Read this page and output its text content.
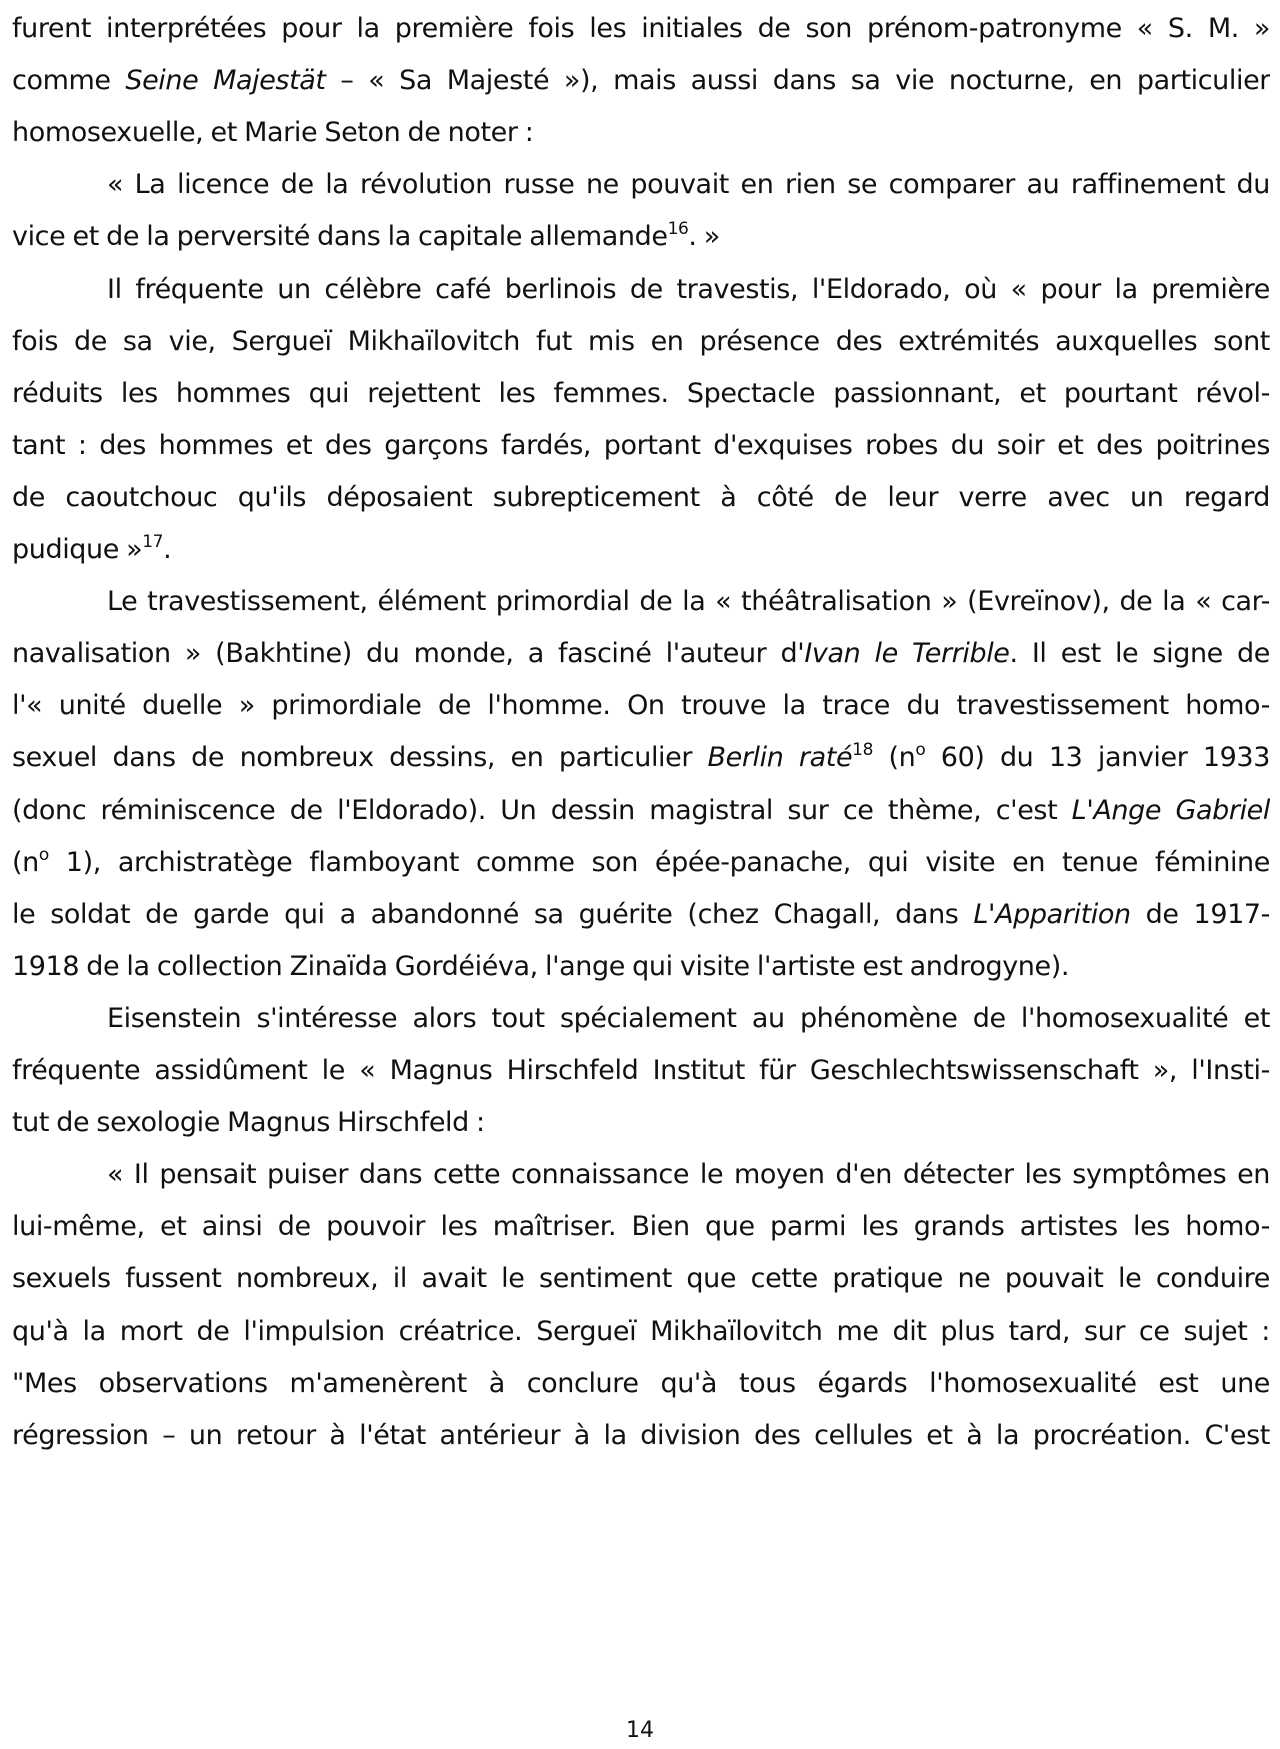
furent interprétées pour la première fois les initiales de son prénom-patronyme « S. M. »
comme Seine Majestät – « Sa Majesté »), mais aussi dans sa vie nocturne, en particulier
homosexuelle, et Marie Seton de noter :
« La licence de la révolution russe ne pouvait en rien se comparer au raffinement du
vice et de la perversité dans la capitale allemande$^{16}$. »
Il fréquente un célèbre café berlinois de travestis, l'Eldorado, où « pour la première
fois de sa vie, Sergueï Mikhaïlovitch fut mis en présence des extrémités auxquelles sont
réduits les hommes qui rejettent les femmes. Spectacle passionnant, et pourtant révol-
tant : des hommes et des garçons fardés, portant d'exquises robes du soir et des poitrines
de caoutchouc qu'ils déposaient subrepticement à côté de leur verre avec un regard
pudique »$^{17}$.
Le travestissement, élément primordial de la « théâtralisation » (Evreïnov), de la « car-
navalisation » (Bakhtine) du monde, a fasciné l'auteur d'Ivan le Terrible. Il est le signe de
l'« unité duelle » primordiale de l'homme. On trouve la trace du travestissement homo-
sexuel dans de nombreux dessins, en particulier Berlin raté$^{18}$ ($n^o$ 60) du 13 janvier 1933
(donc réminiscence de l'Eldorado). Un dessin magistral sur ce thème, c'est L'Ange Gabriel
($n^o$ 1), archistratège flamboyant comme son épée-panache, qui visite en tenue féminine
le soldat de garde qui a abandonné sa guérite (chez Chagall, dans L'Apparition de 1917-
1918 de la collection Zinaïda Gordéiéva, l'ange qui visite l'artiste est androgyne).
Eisenstein s'intéresse alors tout spécialement au phénomène de l'homosexualité et
fréquente assidûment le « Magnus Hirschfeld Institut für Geschlechtswissenschaft », l'Insti-
tut de sexologie Magnus Hirschfeld :
« Il pensait puiser dans cette connaissance le moyen d'en détecter les symptômes en
lui-même, et ainsi de pouvoir les maîtriser. Bien que parmi les grands artistes les homo-
sexuels fussent nombreux, il avait le sentiment que cette pratique ne pouvait le conduire
qu'à la mort de l'impulsion créatrice. Sergueï Mikhaïlovitch me dit plus tard, sur ce sujet :
"Mes observations m'amenèrent à conclure qu'à tous égards l'homosexualité est une
régression – un retour à l'état antérieur à la division des cellules et à la procréation. C'est
14
